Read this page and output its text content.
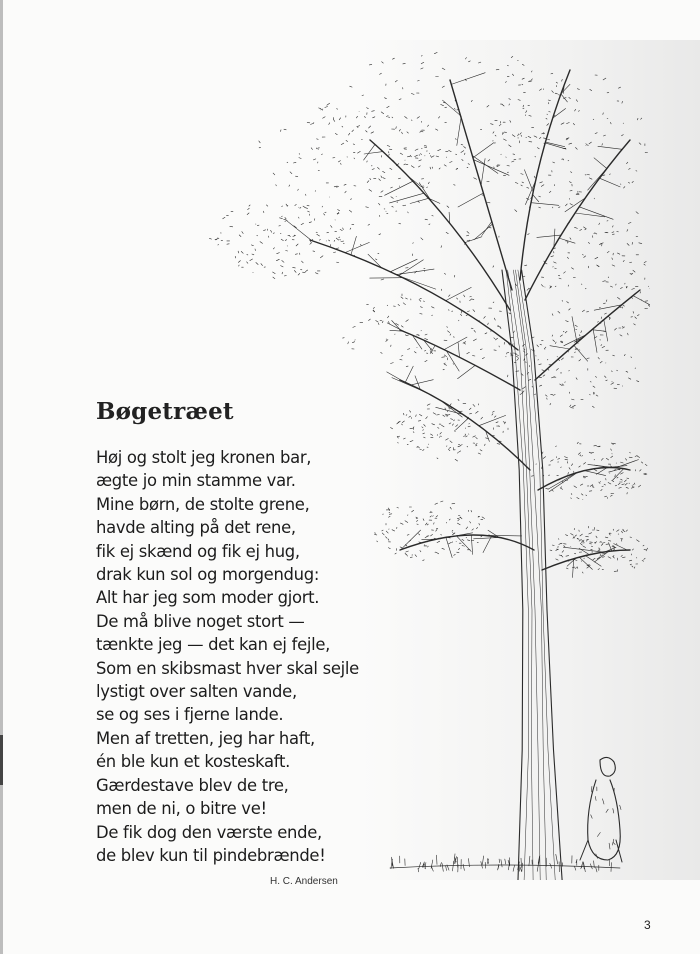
Bøgetræet
Høj og stolt jeg kronen bar,
ægte jo min stamme var.
Mine børn, de stolte grene,
havde alting på det rene,
fik ej skænd og fik ej hug,
drak kun sol og morgendug:
Alt har jeg som moder gjort.
De må blive noget stort —
tænkte jeg — det kan ej fejle,
Som en skibsmast hver skal sejle
lystigt over salten vande,
se og ses i fjerne lande.
Men af tretten, jeg har haft,
én ble kun et kosteskaft.
Gærdestave blev de tre,
men de ni, o bitre ve!
De fik dog den værste ende,
de blev kun til pindebrænde!
H. C. Andersen
3
